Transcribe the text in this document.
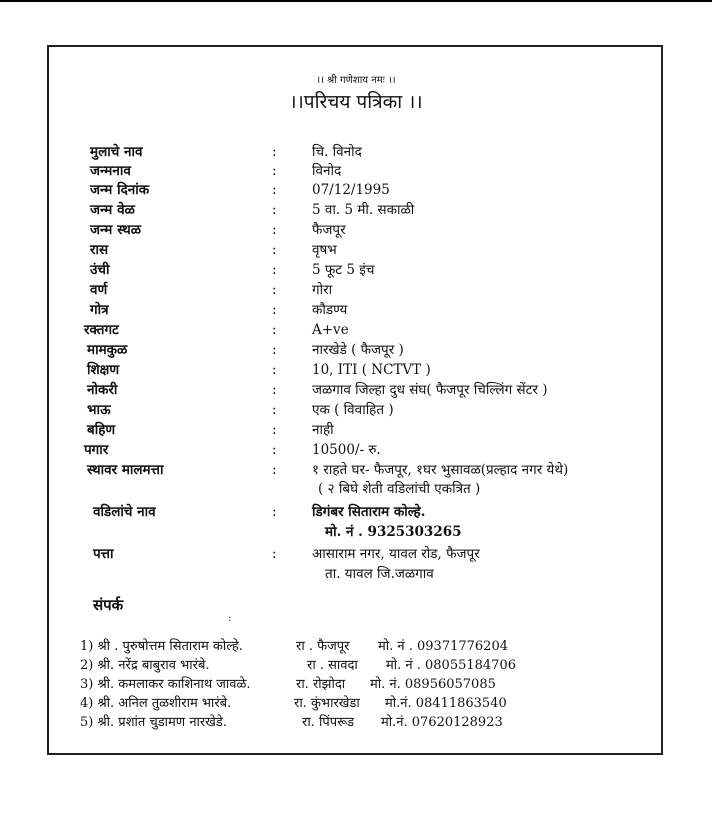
।। श्री गणेशाय नमः ।।
।।परिचय पत्रिका ।।
मुलाचे नाव	:	चि. विनोद
जन्मनाव	:	विनोद
जन्म दिनांक	:	07/12/1995
जन्म वेळ	:	5 वा. 5 मी. सकाळी
जन्म स्थळ	:	फैजपूर
रास	:	वृषभ
उंची	:	5 फूट 5 इंच
वर्ण	:	गोरा
गोत्र	:	कौडण्य
रक्तगट	:	A+ve
मामकुळ	:	नारखेडे ( फैजपूर )
शिक्षण	:	10, ITI ( NCTVT )
नोकरी	:	जळगाव जिल्हा दुध संघ( फैजपूर चिल्लिंग सेंटर )
भाऊ	:	एक ( विवाहित )
बहिण	:	नाही
पगार	:	10500/- रु.
स्थावर मालमत्ता	:	१ राहते घर- फैजपूर, १घर भुसावळ(प्रल्हाद नगर येथे)
( २ बिघे शेती वडिलांची एकत्रित )
वडिलांचे नाव	:	डिगंबर सिताराम कोल्हे.
मो. नं . 9325303265
पत्ता	:	आसाराम नगर, यावल रोड, फैजपूर
ता. यावल जि.जळगाव
संपर्क
:
1) श्री . पुरुषोत्तम सिताराम कोल्हे.	रा . फैजपूर मो. नं . 09371776204
2) श्री. नरेंद्र बाबुराव भारंबे.	रा . सावदा मो. नं . 08055184706
3) श्री. कमलाकर काशिनाथ जावळे.	रा. रोझोदा मो. नं. 08956057085
4) श्री. अनिल तुळशीराम भारंबे.	रा. कुंभारखेडा मो.नं. 08411863540
5) श्री. प्रशांत चुडामण नारखेडे.	रा. पिंपरूड मो.नं. 07620128923
